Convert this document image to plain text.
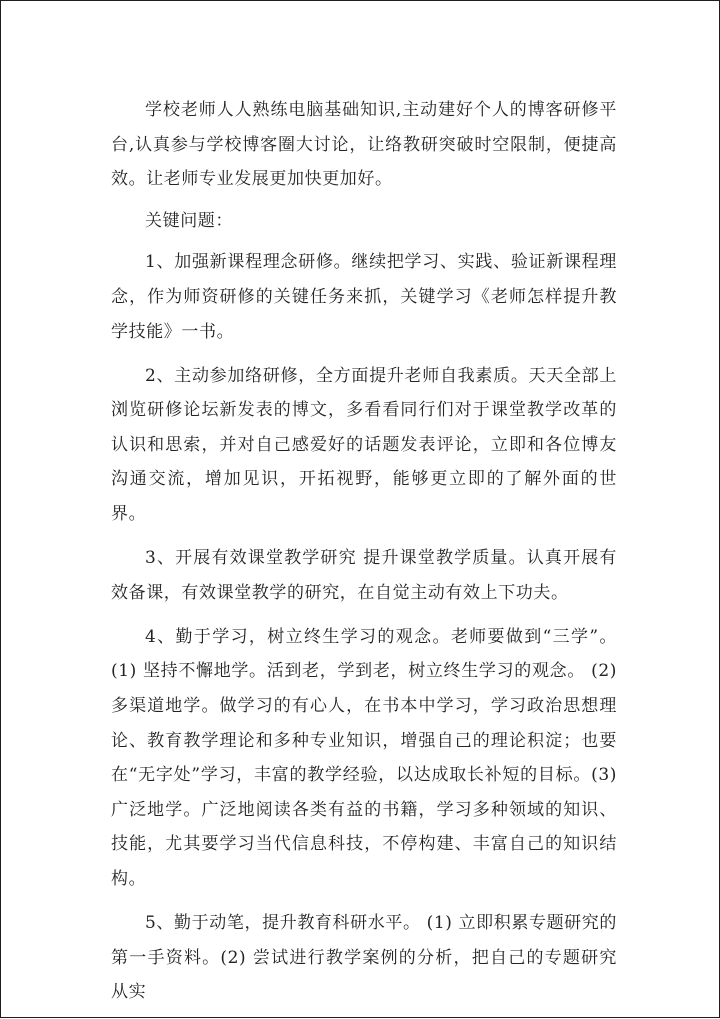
学校老师人人熟练电脑基础知识,主动建好个人的博客研修平台,认真参与学校博客圈大讨论，让络教研突破时空限制，便捷高效。让老师专业发展更加快更加好。

关键问题：

1、加强新课程理念研修。继续把学习、实践、验证新课程理念，作为师资研修的关键任务来抓，关键学习《老师怎样提升教学技能》一书。

2、主动参加络研修，全方面提升老师自我素质。天天全部上浏览研修论坛新发表的博文，多看看同行们对于课堂教学改革的认识和思索，并对自己感爱好的话题发表评论，立即和各位博友沟通交流，增加见识，开拓视野，能够更立即的了解外面的世界。

3、开展有效课堂教学研究 提升课堂教学质量。认真开展有效备课，有效课堂教学的研究，在自觉主动有效上下功夫。

4、勤于学习，树立终生学习的观念。老师要做到“三学”。(1) 坚持不懈地学。活到老，学到老，树立终生学习的观念。 (2) 多渠道地学。做学习的有心人，在书本中学习，学习政治思想理论、教育教学理论和多种专业知识，增强自己的理论积淀；也要在“无字处”学习，丰富的教学经验，以达成取长补短的目标。(3) 广泛地学。广泛地阅读各类有益的书籍，学习多种领域的知识、技能，尤其要学习当代信息科技，不停构建、丰富自己的知识结构。

5、勤于动笔，提升教育科研水平。 (1) 立即积累专题研究的第一手资料。(2) 尝试进行教学案例的分析，把自己的专题研究从实
